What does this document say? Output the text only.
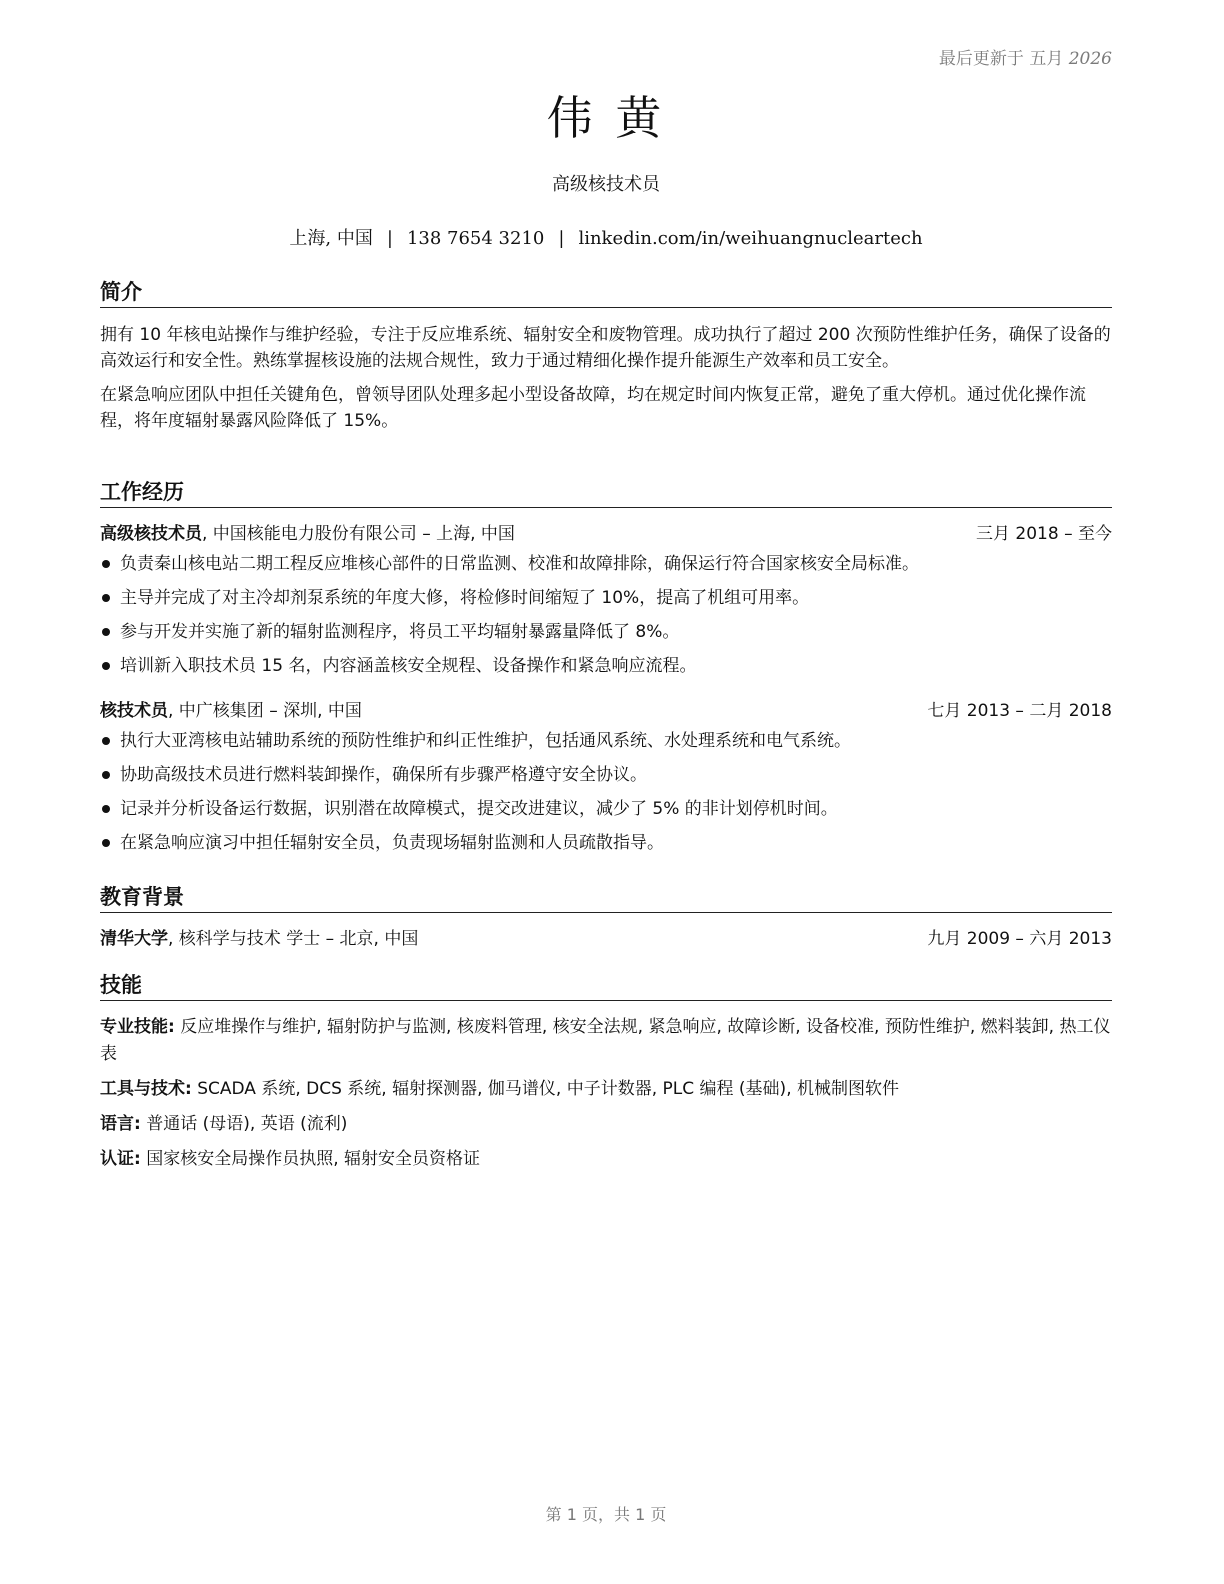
最后更新于 五月 2026
伟 黄
高级核技术员
上海, 中国 | 138 7654 3210 | linkedin.com/in/weihuangnucleartech
简介

拥有 10 年核电站操作与维护经验，专注于反应堆系统、辐射安全和废物管理。成功执行了超过 200 次预防性维护任务，确保了设备的高效运行和安全性。熟练掌握核设施的法规合规性，致力于通过精细化操作提升能源生产效率和员工安全。

在紧急响应团队中担任关键角色，曾领导团队处理多起小型设备故障，均在规定时间内恢复正常，避免了重大停机。通过优化操作流程，将年度辐射暴露风险降低了 15%。

工作经历
高级核技术员, 中国核能电力股份有限公司 – 上海, 中国	三月 2018 – 至今
负责秦山核电站二期工程反应堆核心部件的日常监测、校准和故障排除，确保运行符合国家核安全局标准。
主导并完成了对主冷却剂泵系统的年度大修，将检修时间缩短了 10%，提高了机组可用率。
参与开发并实施了新的辐射监测程序，将员工平均辐射暴露量降低了 8%。
培训新入职技术员 15 名，内容涵盖核安全规程、设备操作和紧急响应流程。
核技术员, 中广核集团 – 深圳, 中国	七月 2013 – 二月 2018
执行大亚湾核电站辅助系统的预防性维护和纠正性维护，包括通风系统、水处理系统和电气系统。
协助高级技术员进行燃料装卸操作，确保所有步骤严格遵守安全协议。
记录并分析设备运行数据，识别潜在故障模式，提交改进建议，减少了 5% 的非计划停机时间。
在紧急响应演习中担任辐射安全员，负责现场辐射监测和人员疏散指导。
教育背景
清华大学, 核科学与技术 学士 – 北京, 中国	九月 2009 – 六月 2013
技能
专业技能: 反应堆操作与维护, 辐射防护与监测, 核废料管理, 核安全法规, 紧急响应, 故障诊断, 设备校准, 预防性维护, 燃料装卸, 热工仪表
工具与技术: SCADA 系统, DCS 系统, 辐射探测器, 伽马谱仪, 中子计数器, PLC 编程 (基础), 机械制图软件
语言: 普通话 (母语), 英语 (流利)
认证: 国家核安全局操作员执照, 辐射安全员资格证
第 1 页，共 1 页
